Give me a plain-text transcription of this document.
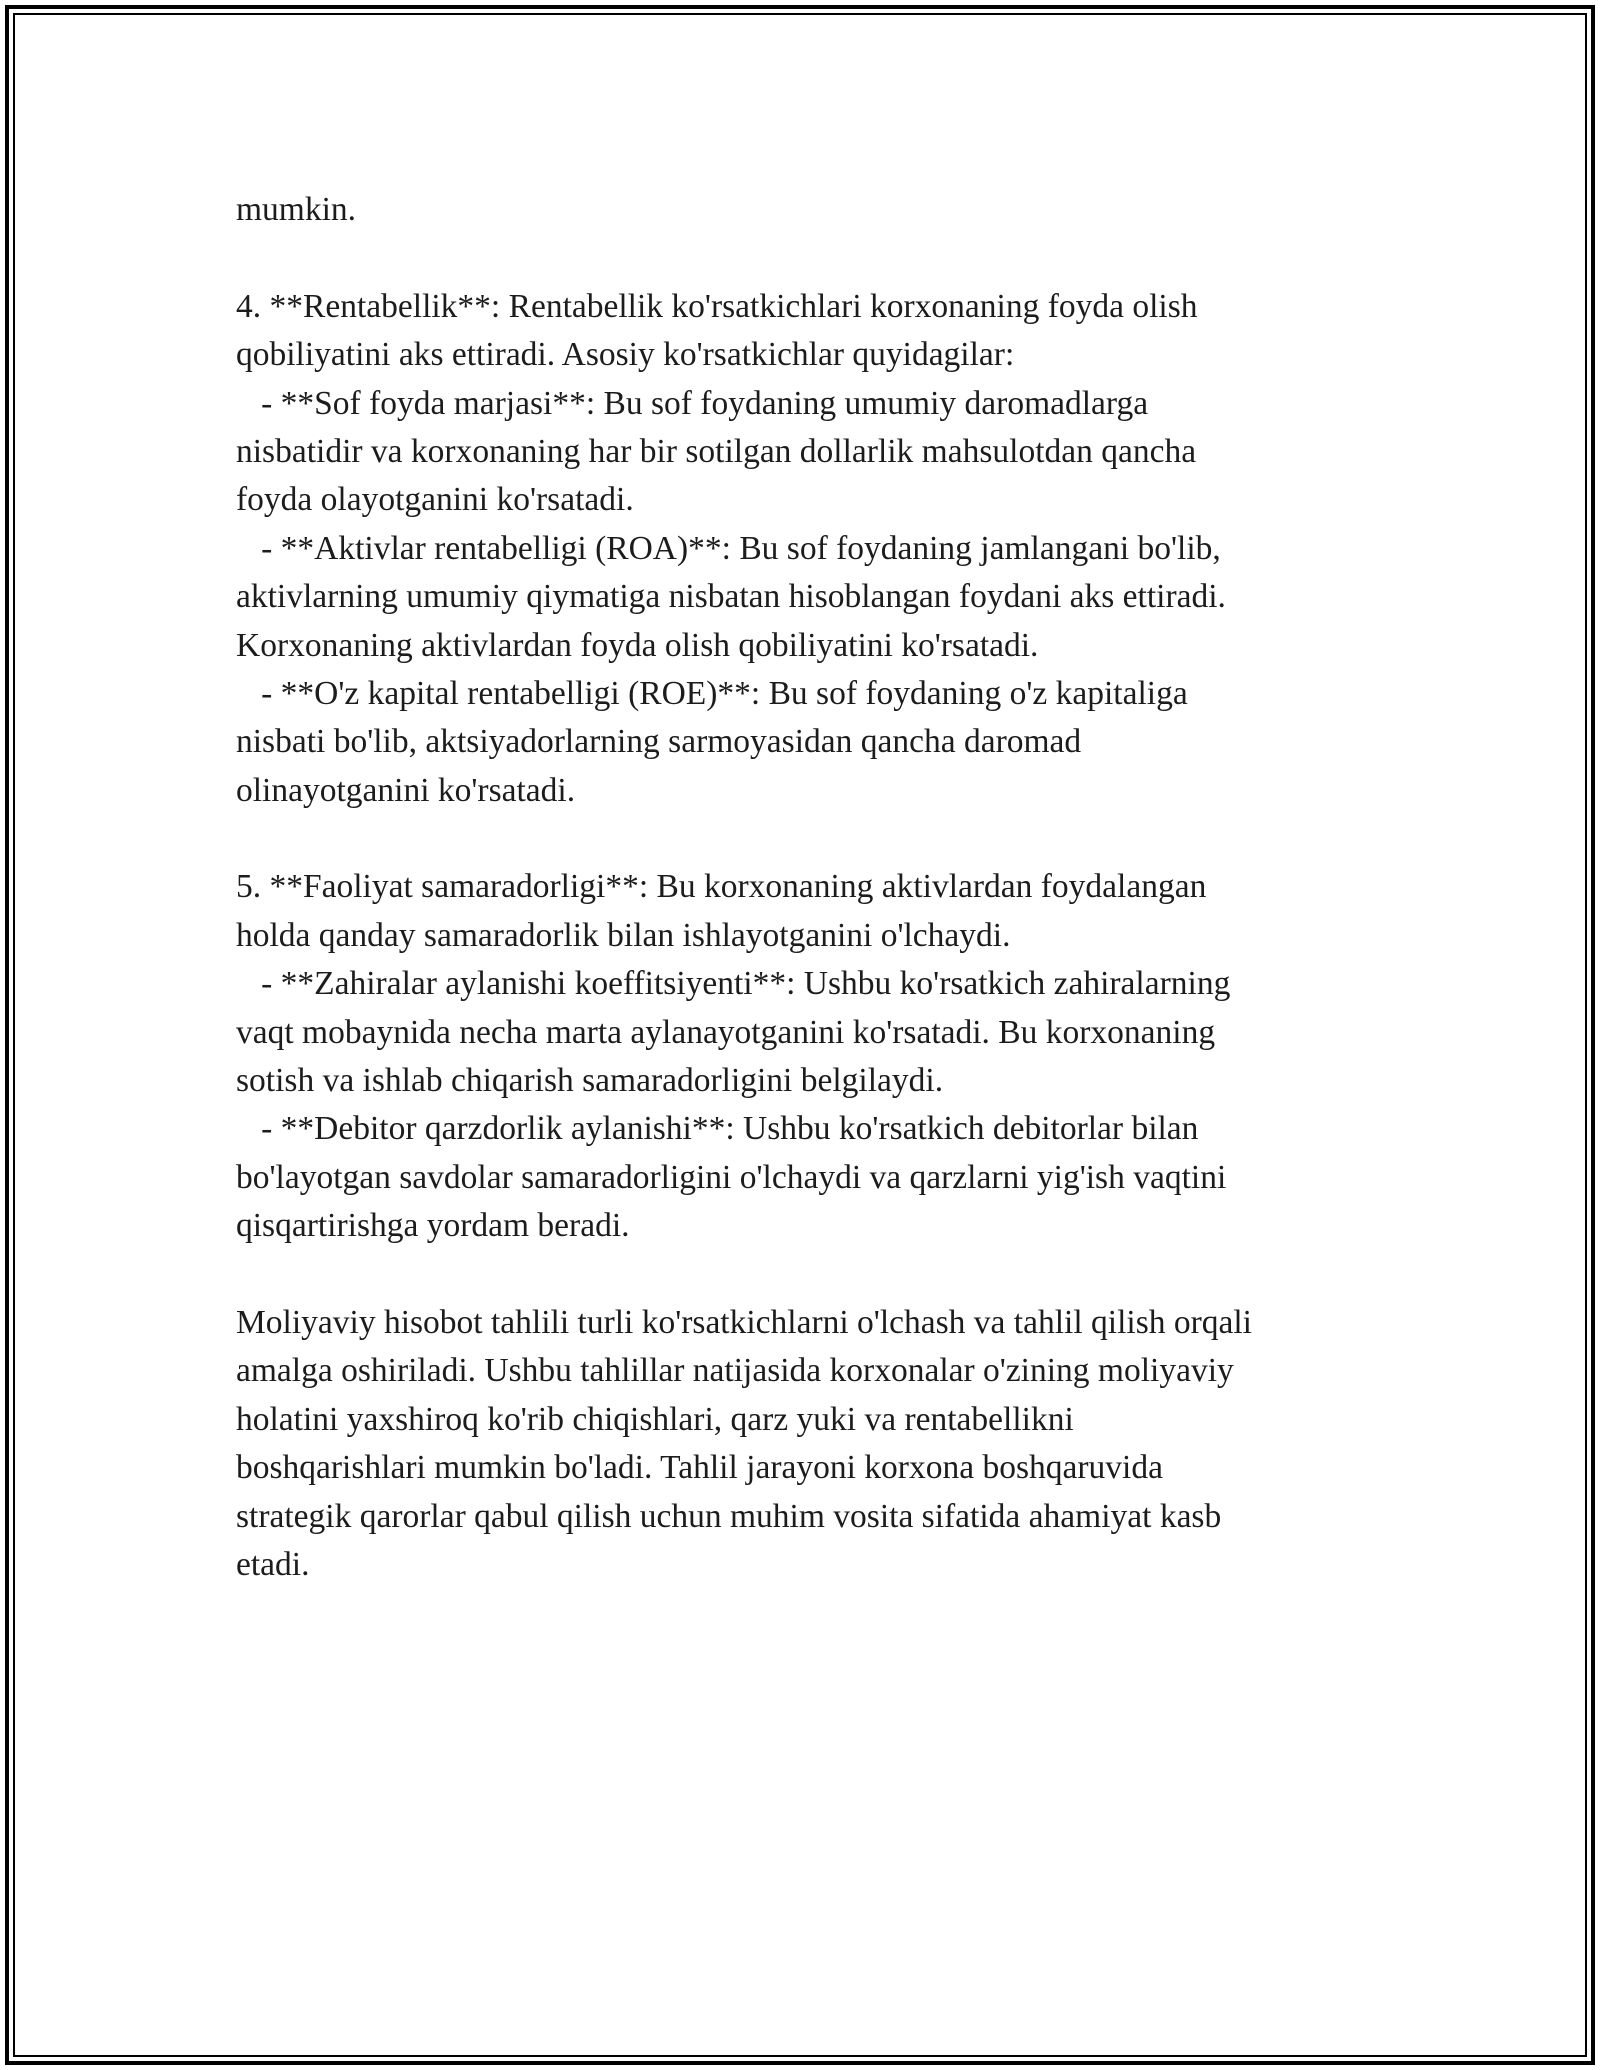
mumkin.
4. **Rentabellik**: Rentabellik ko'rsatkichlari korxonaning foyda olish
qobiliyatini aks ettiradi. Asosiy ko'rsatkichlar quyidagilar:
- **Sof foyda marjasi**: Bu sof foydaning umumiy daromadlarga
nisbatidir va korxonaning har bir sotilgan dollarlik mahsulotdan qancha
foyda olayotganini ko'rsatadi.
- **Aktivlar rentabelligi (ROA)**: Bu sof foydaning jamlangani bo'lib,
aktivlarning umumiy qiymatiga nisbatan hisoblangan foydani aks ettiradi.
Korxonaning aktivlardan foyda olish qobiliyatini ko'rsatadi.
- **O'z kapital rentabelligi (ROE)**: Bu sof foydaning o'z kapitaliga
nisbati bo'lib, aktsiyadorlarning sarmoyasidan qancha daromad
olinayotganini ko'rsatadi.
5. **Faoliyat samaradorligi**: Bu korxonaning aktivlardan foydalangan
holda qanday samaradorlik bilan ishlayotganini o'lchaydi.
- **Zahiralar aylanishi koeffitsiyenti**: Ushbu ko'rsatkich zahiralarning
vaqt mobaynida necha marta aylanayotganini ko'rsatadi. Bu korxonaning
sotish va ishlab chiqarish samaradorligini belgilaydi.
- **Debitor qarzdorlik aylanishi**: Ushbu ko'rsatkich debitorlar bilan
bo'layotgan savdolar samaradorligini o'lchaydi va qarzlarni yig'ish vaqtini
qisqartirishga yordam beradi.
Moliyaviy hisobot tahlili turli ko'rsatkichlarni o'lchash va tahlil qilish orqali
amalga oshiriladi. Ushbu tahlillar natijasida korxonalar o'zining moliyaviy
holatini yaxshiroq ko'rib chiqishlari, qarz yuki va rentabellikni
boshqarishlari mumkin bo'ladi. Tahlil jarayoni korxona boshqaruvida
strategik qarorlar qabul qilish uchun muhim vosita sifatida ahamiyat kasb
etadi.
